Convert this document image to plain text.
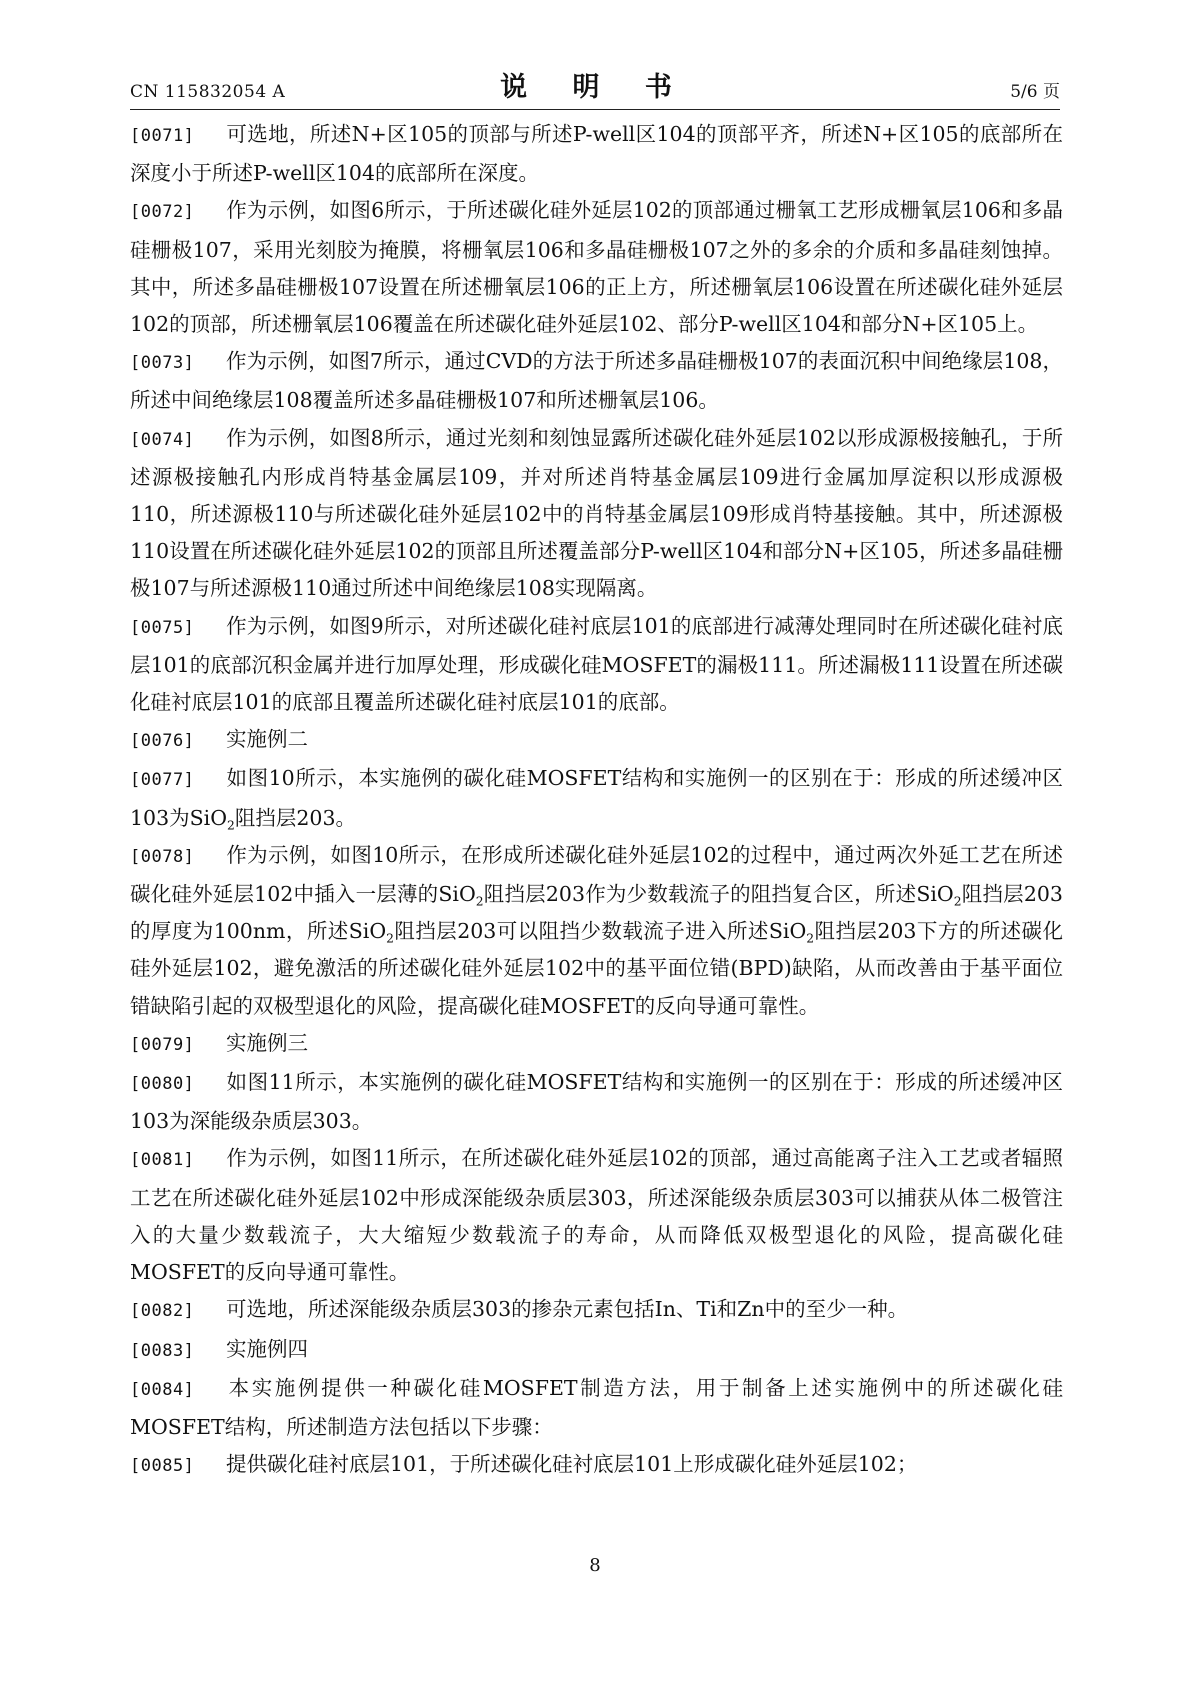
CN 115832054 A	说 明 书	5/6 页

[0071] 可选地，所述N+区105的顶部与所述P-well区104的顶部平齐，所述N+区105的底部所在深度小于所述P-well区104的底部所在深度。

[0072] 作为示例，如图6所示，于所述碳化硅外延层102的顶部通过栅氧工艺形成栅氧层106和多晶硅栅极107，采用光刻胶为掩膜，将栅氧层106和多晶硅栅极107之外的多余的介质和多晶硅刻蚀掉。其中，所述多晶硅栅极107设置在所述栅氧层106的正上方，所述栅氧层106设置在所述碳化硅外延层102的顶部，所述栅氧层106覆盖在所述碳化硅外延层102、部分P-well区104和部分N+区105上。

[0073] 作为示例，如图7所示，通过CVD的方法于所述多晶硅栅极107的表面沉积中间绝缘层108，所述中间绝缘层108覆盖所述多晶硅栅极107和所述栅氧层106。

[0074] 作为示例，如图8所示，通过光刻和刻蚀显露所述碳化硅外延层102以形成源极接触孔，于所述源极接触孔内形成肖特基金属层109，并对所述肖特基金属层109进行金属加厚淀积以形成源极110，所述源极110与所述碳化硅外延层102中的肖特基金属层109形成肖特基接触。其中，所述源极110设置在所述碳化硅外延层102的顶部且所述覆盖部分P-well区104和部分N+区105，所述多晶硅栅极107与所述源极110通过所述中间绝缘层108实现隔离。

[0075] 作为示例，如图9所示，对所述碳化硅衬底层101的底部进行减薄处理同时在所述碳化硅衬底层101的底部沉积金属并进行加厚处理，形成碳化硅MOSFET的漏极111。所述漏极111设置在所述碳化硅衬底层101的底部且覆盖所述碳化硅衬底层101的底部。

[0076] 实施例二

[0077] 如图10所示，本实施例的碳化硅MOSFET结构和实施例一的区别在于：形成的所述缓冲区103为SiO$_2$阻挡层203。

[0078] 作为示例，如图10所示，在形成所述碳化硅外延层102的过程中，通过两次外延工艺在所述碳化硅外延层102中插入一层薄的SiO$_2$阻挡层203作为少数载流子的阻挡复合区，所述SiO$_2$阻挡层203的厚度为100nm，所述SiO$_2$阻挡层203可以阻挡少数载流子进入所述SiO$_2$阻挡层203下方的所述碳化硅外延层102，避免激活的所述碳化硅外延层102中的基平面位错(BPD)缺陷，从而改善由于基平面位错缺陷引起的双极型退化的风险，提高碳化硅MOSFET的反向导通可靠性。

[0079] 实施例三

[0080] 如图11所示，本实施例的碳化硅MOSFET结构和实施例一的区别在于：形成的所述缓冲区103为深能级杂质层303。

[0081] 作为示例，如图11所示，在所述碳化硅外延层102的顶部，通过高能离子注入工艺或者辐照工艺在所述碳化硅外延层102中形成深能级杂质层303，所述深能级杂质层303可以捕获从体二极管注入的大量少数载流子，大大缩短少数载流子的寿命，从而降低双极型退化的风险，提高碳化硅MOSFET的反向导通可靠性。

[0082] 可选地，所述深能级杂质层303的掺杂元素包括In、Ti和Zn中的至少一种。

[0083] 实施例四

[0084] 本实施例提供一种碳化硅MOSFET制造方法，用于制备上述实施例中的所述碳化硅MOSFET结构，所述制造方法包括以下步骤：

[0085] 提供碳化硅衬底层101，于所述碳化硅衬底层101上形成碳化硅外延层102；

8
